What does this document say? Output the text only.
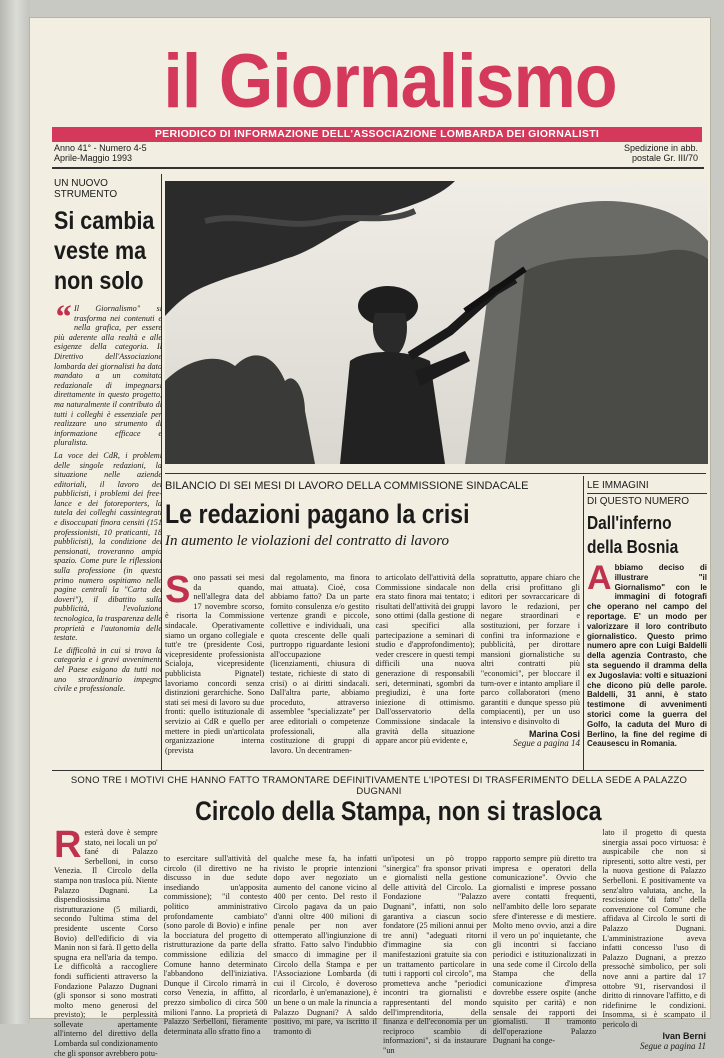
il Giornalismo
PERIODICO DI INFORMAZIONE DELL'ASSOCIAZIONE LOMBARDA DEI GIORNALISTI
Anno 41° - Numero 4-5
Aprile-Maggio 1993
Spedizione in abb.
postale Gr. III/70
UN NUOVO STRUMENTO
Si cambia
veste ma
non solo
“ Il Giornalismo" si trasforma nei contenuti e nella grafica, per essere più aderente alla realtà e alle esigenze della categoria. Il Direttivo dell'Associazione lombarda dei giornalisti ha dato mandato a un comitato redazionale di impegnarsi direttamente in questo progetto, ma naturalmente il contributo di tutti i colleghi è essenziale per realizzare uno strumento di informazione efficace e pluralista.
La voce dei CdR, i problemi delle singole redazioni, la situazione nelle aziende editoriali, il lavoro dei pubblicisti, i problemi dei free-lance e dei fotoreporters, la tutela dei colleghi cassintegrati e disoccupati finora censiti (151 professionisti, 10 praticanti, 18 pubblicisti), la condizione dei pensionati, troveranno ampio spazio. Come pure le riflessioni sulla professione (in questo primo numero ospitiamo nelle pagine centrali la "Carta dei doveri"), il dibattito sulla pubblicità, l'evoluzione tecnologica, la trasparenza delle proprietà e l'autonomia delle testate.
Le difficoltà in cui si trova la categoria e i gravi avvenimenti del Paese esigono da tutti noi uno straordinario impegno civile e professionale.
BILANCIO DI SEI MESI DI LAVORO DELLA COMMISSIONE SINDACALE
Le redazioni pagano la crisi
In aumento le violazioni del contratto di lavoro
Sono passati sei mesi da quando, nell'allegra data del 17 novembre scorso, è risorta la Commissione sindacale. Operativamente siamo un organo collegiale e tutt'e tre (presidente Cosi, vicepresidente professionista Scialoja, vicepresidente pubblicista Pignatel) lavoriamo concordi senza distinzioni gerarchiche. Sono stati sei mesi di lavoro su due fronti: quello istituzionale di servizio ai CdR e quello per mettere in piedi un'articolata organizzazione interna (prevista
dal regolamento, ma finora mai attuata). Cioè, cosa abbiamo fatto? Da un parte fornito consulenza e/o gestito vertenze grandi e piccole, collettive e individuali, una quota crescente delle quali purtroppo riguardante lesioni all'occupazione (licenziamenti, chiusura di testate, richieste di stato di crisi) o ai diritti sindacali. Dall'altra parte, abbiamo proceduto, attraverso assemblee "specializzate" per aree editoriali o competenze professionali, alla costituzione di gruppi di lavoro. Un decentramen-
to articolato dell'attività della Commissione sindacale non era stato finora mai tentato; i risultati dell'attività dei gruppi sono ottimi (dalla gestione di casi specifici alla partecipazione a seminari di studio e d'approfondimento); veder crescere in questi tempi difficili una nuova generazione di responsabili seri, determinati, sgombri da pregiudizi, è una forte iniezione di ottimismo. Dall'osservatorio della Commissione sindacale la gravità della situazione appare ancor più evidente e,
soprattutto, appare chiaro che della crisi profittano gli editori per sovraccaricare di lavoro le redazioni, per negare straordinari e sostituzioni, per forzare i confini tra informazione e pubblicità, per dirottare mansioni giornalistiche su altri contratti più "economici", per bloccare il turn-over e intanto ampliare il parco collaboratori (meno garantiti e dunque spesso più compiacenti), per un uso intensivo e disinvolto di
Marina Cosi
Segue a pagina 14
LE IMMAGINI
DI QUESTO NUMERO
Dall'inferno
della Bosnia
Abbiamo deciso di illustrare "il Giornalismo" con le immagini di fotografi che operano nel campo del reportage. E' un modo per valorizzare il loro contributo giornalistico. Questo primo numero apre con Luigi Baldelli della agenzia Contrasto, che sta seguendo il dramma della ex Jugoslavia: volti e situazioni che dicono più delle parole. Baldelli, 31 anni, è stato testimone di avvenimenti storici come la guerra del Golfo, la caduta del Muro di Berlino, la fine del regime di Ceausescu in Romania.
SONO TRE I MOTIVI CHE HANNO FATTO TRAMONTARE DEFINITIVAMENTE L'IPOTESI DI TRASFERIMENTO DELLA SEDE A PALAZZO DUGNANI
Circolo della Stampa, non si trasloca
Resterà dove è sempre stato, nei locali un po' fané di Palazzo Serbelloni, in corso Venezia. Il Circolo della stampa non trasloca più. Niente Palazzo Dugnani. La dispendiosissima ristrutturazione (5 miliardi, secondo l'ultima stima del presidente uscente Corso Bovio) dell'edificio di via Manin non si farà. Il getto della spugna era nell'aria da tempo. Le difficoltà a raccogliere fondi sufficienti attraverso la Fondazione Palazzo Dugnani (gli sponsor si sono mostrati molto meno generosi del previsto); le perplessità sollevate apertamente all'interno del direttivo della Lombarda sul condizionamento che gli sponsor avrebbero potu-
to esercitare sull'attività del circolo (il direttivo ne ha discusso in due sedute insediando un'apposita commissione); "il contesto politico amministrativo profondamente cambiato" (sono parole di Bovio) e infine la bocciatura del progetto di ristrutturazione da parte della commissione edilizia del Comune hanno determinato l'abbandono dell'iniziativa. Dunque il Circolo rimarrà in corso Venezia, in affitto, al prezzo simbolico di circa 500 milioni l'anno. La proprietà di Palazzo Serbelloni, fieramente determinata allo sfratto fino a
qualche mese fa, ha infatti rivisto le proprie intenzioni dopo aver negoziato un aumento del canone vicino al 400 per cento. Del resto il Circolo pagava da un paio d'anni oltre 400 milioni di penale per non aver ottemperato all'ingiunzione di sfratto. Fatto salvo l'indubbio smacco di immagine per il Circolo della Stampa e per l'Associazione Lombarda (di cui il Circolo, è doveroso ricordarlo, è un'emanazione), è un bene o un male la rinuncia a Palazzo Dugnani? A saldo positivo, mi pare, va iscritto il tramonto di
un'ipotesi un pò troppo "sinergica" fra sponsor privati e giornalisti nella gestione delle attività del Circolo. La Fondazione "Palazzo Dugnani", infatti, non solo garantiva a ciascun socio fondatore (25 milioni annui per tre anni) "adeguati ritorni d'immagine sia con manifestazioni gratuite sia con un trattamento particolare in tutti i rapporti col circolo", ma prometteva anche "periodici incontri tra giornalisti e rappresentanti del mondo dell'imprenditoria, della finanza e dell'economia per un reciproco scambio di informazioni", si da instaurare "un
rapporto sempre più diretto tra impresa e operatori della comunicazione". Ovvio che giornalisti e imprese possano avere contatti frequenti, nell'ambito delle loro separate sfere d'interesse e di mestiere. Molto meno ovvio, anzi a dire il vero un po' inquietante, che gli incontri si facciano periodici e istituzionalizzati in una sede come il Circolo della Stampa che della comunicazione d'impresa dovrebbe essere ospite (anche squisito per carità) e non sensale dei rapporti dei giornalisti. Il tramonto dell'operazione Palazzo Dugnani ha conge-
lato il progetto di questa sinergia assai poco virtuosa: è auspicabile che non si ripresenti, sotto altre vesti, per la nuova gestione di Palazzo Serbelloni. E positivamente va senz'altro valutata, anche, la rescissione "di fatto" della convenzione col Comune che affidava al Circolo le sorti di Palazzo Dugnani. L'amministrazione aveva infatti concesso l'uso di Palazzo Dugnani, a prezzo pressochè simbolico, per soli nove anni a partire dal 17 ottobre '91, riservandosi il diritto di rinnovare l'affitto, e di ridefinirne le condizioni. Insomma, si è scampato il pericolo di
Ivan Berni
Segue a pagina 11
